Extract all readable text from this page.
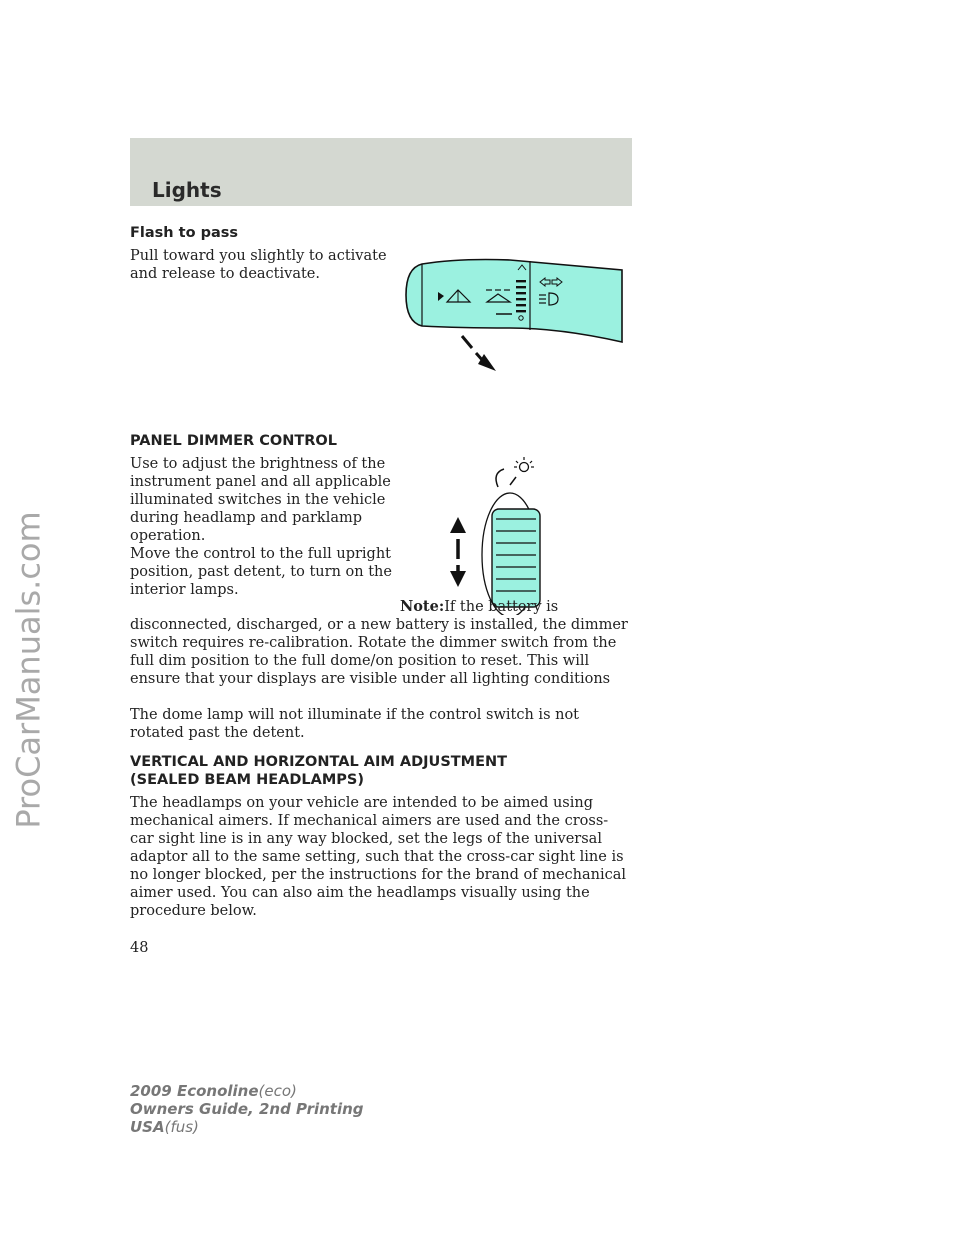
ProCarManuals.com
Lights
Flash to pass
Pull toward you slightly to activate and release to deactivate.
PANEL DIMMER CONTROL
Use to adjust the brightness of the instrument panel and all applicable illuminated switches in the vehicle during headlamp and parklamp operation.
Move the control to the full upright position, past detent, to turn on the interior lamps.
Note:If the battery is disconnected, discharged, or a new battery is installed, the dimmer switch requires re-calibration. Rotate the dimmer switch from the full dim position to the full dome/on position to reset. This will ensure that your displays are visible under all lighting conditions
The dome lamp will not illuminate if the control switch is not rotated past the detent.
VERTICAL AND HORIZONTAL AIM ADJUSTMENT
(SEALED BEAM HEADLAMPS)
The headlamps on your vehicle are intended to be aimed using mechanical aimers. If mechanical aimers are used and the cross-car sight line is in any way blocked, set the legs of the universal adaptor all to the same setting, such that the cross-car sight line is no longer blocked, per the instructions for the brand of mechanical aimer used. You can also aim the headlamps visually using the procedure below.
48
2009 Econoline(eco)
Owners Guide, 2nd Printing
USA(fus)
